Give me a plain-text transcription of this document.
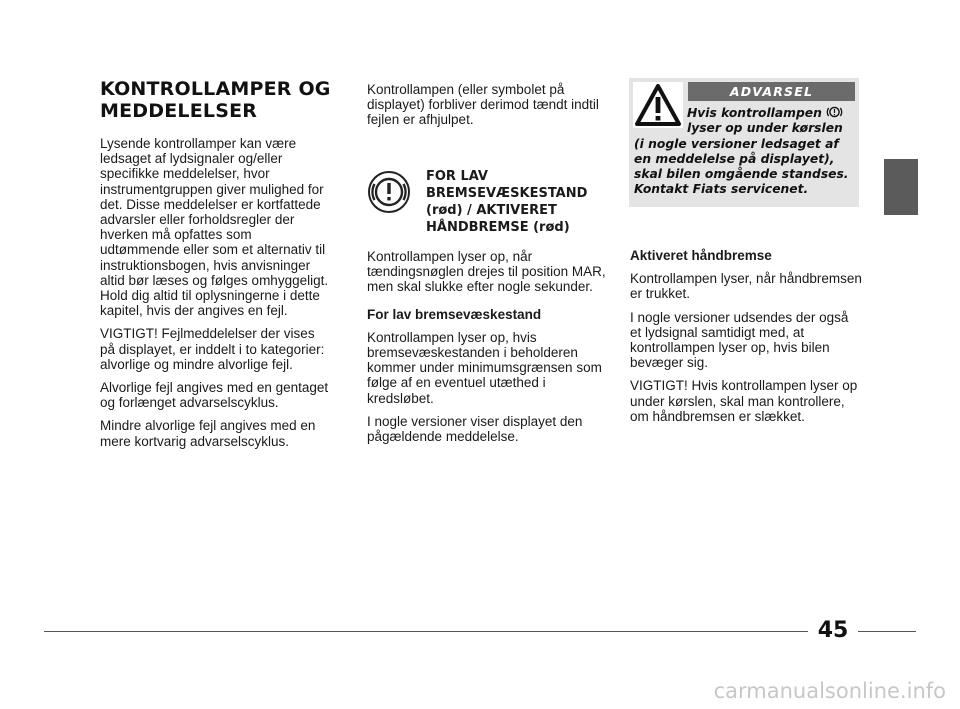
KONTROLLAMPER OG
MEDDELELSER

Lysende kontrollamper kan være ledsaget af lydsignaler og/eller specifikke meddelelser, hvor instrumentgruppen giver mulighed for det. Disse meddelelser er kortfattede advarsler eller forholdsregler der hverken må opfattes som udtømmende eller som et alternativ til instruktionsbogen, hvis anvisninger altid bør læses og følges omhyggeligt. Hold dig altid til oplysningerne i dette kapitel, hvis der angives en fejl.

VIGTIGT! Fejlmeddelelser der vises på displayet, er inddelt i to kategorier: alvorlige og mindre alvorlige fejl.

Alvorlige fejl angives med en gentaget og forlænget advarselscyklus.

Mindre alvorlige fejl angives med en mere kortvarig advarselscyklus.

Kontrollampen (eller symbolet på displayet) forbliver derimod tændt indtil fejlen er afhjulpet.

FOR LAV
BREMSEVÆSKESTAND
(rød) / AKTIVERET
HÅNDBREMSE (rød)

Kontrollampen lyser op, når tændingsnøglen drejes til position MAR, men skal slukke efter nogle sekunder.

For lav bremsevæskestand

Kontrollampen lyser op, hvis bremsevæskestanden i beholderen kommer under minimumsgrænsen som følge af en eventuel utæthed i kredsløbet.

I nogle versioner viser displayet den pågældende meddelelse.

ADVARSEL
Hvis kontrollampen
lyser op under kørslen
(i nogle versioner ledsaget af en meddelelse på displayet), skal bilen omgående standses. Kontakt Fiats servicenet.

Aktiveret håndbremse

Kontrollampen lyser, når håndbremsen er trukket.

I nogle versioner udsendes der også et lydsignal samtidigt med, at kontrollampen lyser op, hvis bilen bevæger sig.

VIGTIGT! Hvis kontrollampen lyser op under kørslen, skal man kontrollere, om håndbremsen er slækket.

45
carmanualsonline.info
